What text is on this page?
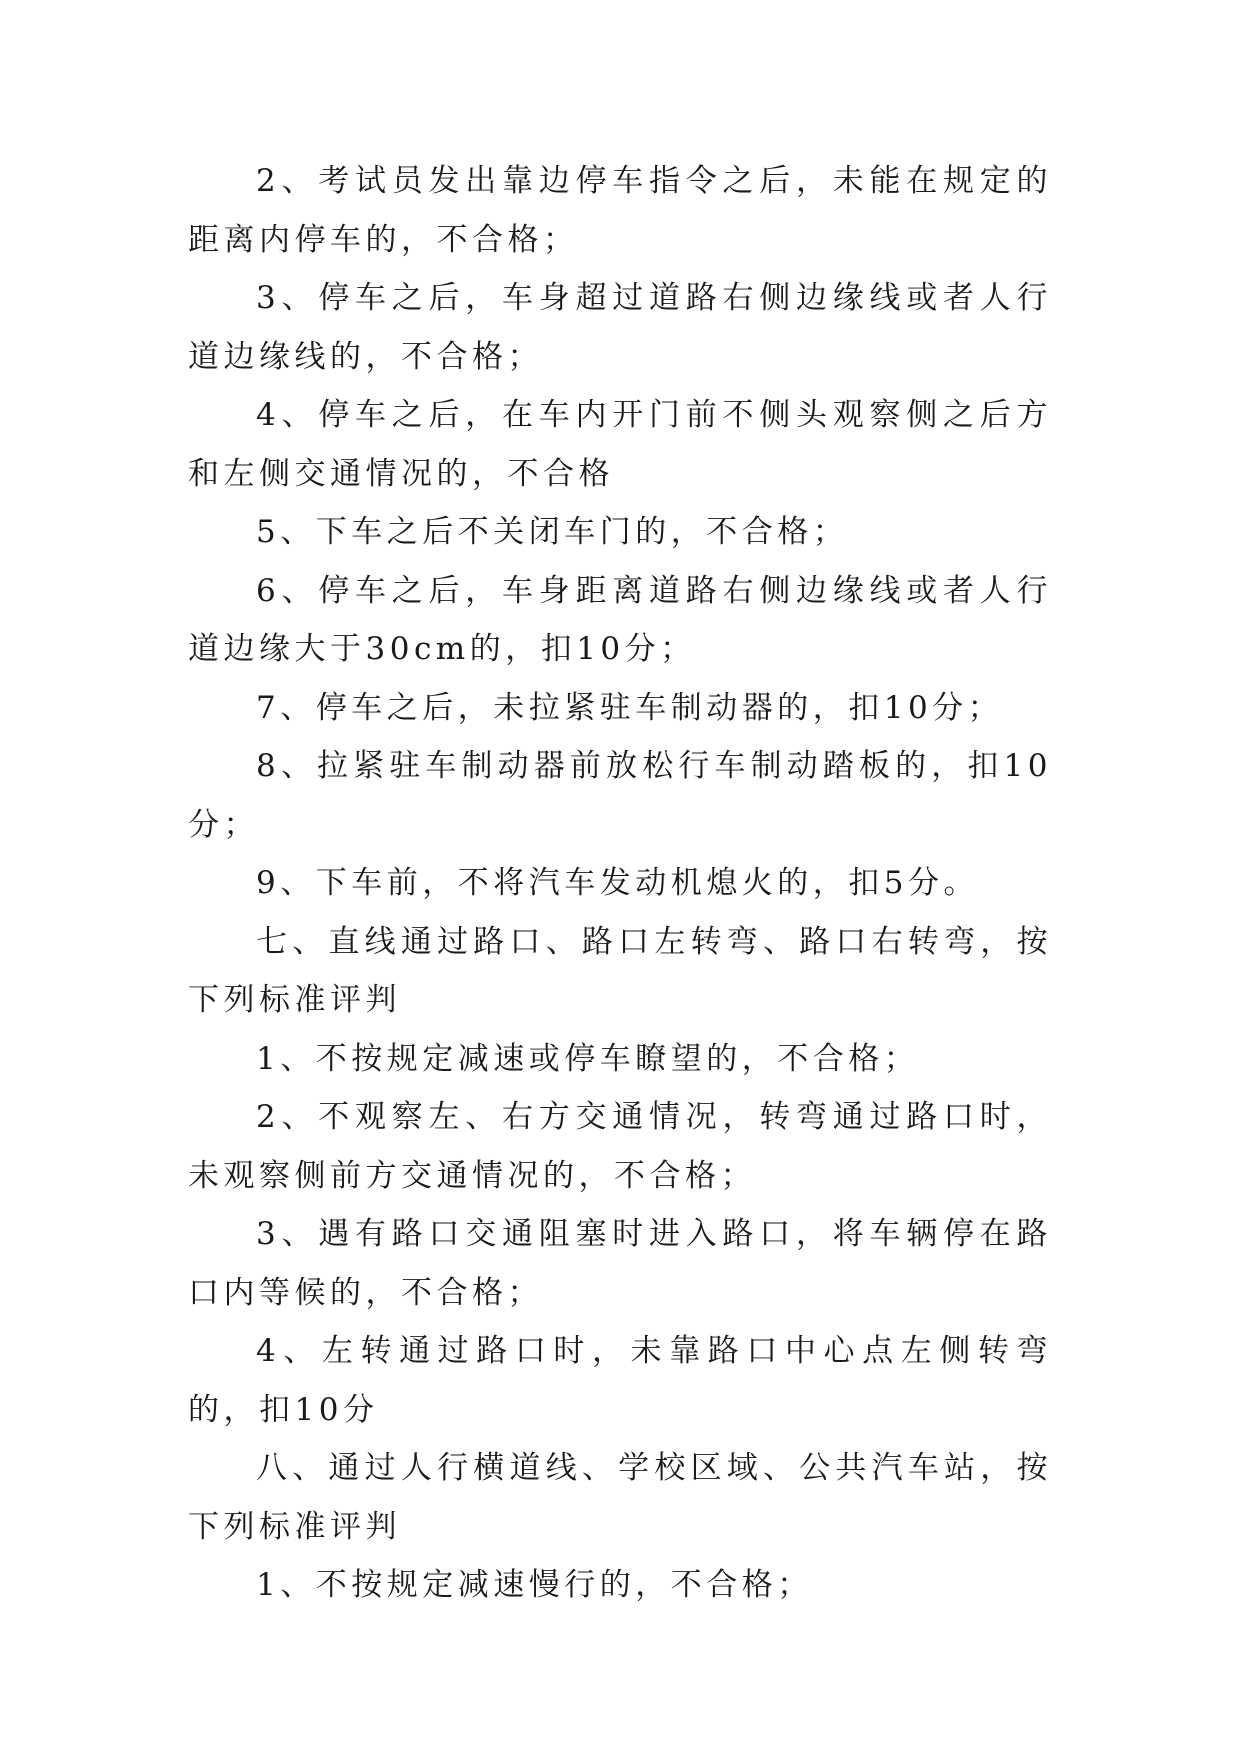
2、考试员发出靠边停车指令之后，未能在规定的距离内停车的，不合格；

3、停车之后，车身超过道路右侧边缘线或者人行道边缘线的，不合格；

4、停车之后，在车内开门前不侧头观察侧之后方和左侧交通情况的，不合格

5、下车之后不关闭车门的，不合格；

6、停车之后，车身距离道路右侧边缘线或者人行道边缘大于30cm的，扣10分；

7、停车之后，未拉紧驻车制动器的，扣10分；

8、拉紧驻车制动器前放松行车制动踏板的，扣10分；

9、下车前，不将汽车发动机熄火的，扣5分。

七、直线通过路口、路口左转弯、路口右转弯，按下列标准评判

1、不按规定减速或停车瞭望的，不合格；

2、不观察左、右方交通情况，转弯通过路口时，未观察侧前方交通情况的，不合格；

3、遇有路口交通阻塞时进入路口，将车辆停在路口内等候的，不合格；

4、左转通过路口时，未靠路口中心点左侧转弯的，扣10分

八、通过人行横道线、学校区域、公共汽车站，按下列标准评判

1、不按规定减速慢行的，不合格；
